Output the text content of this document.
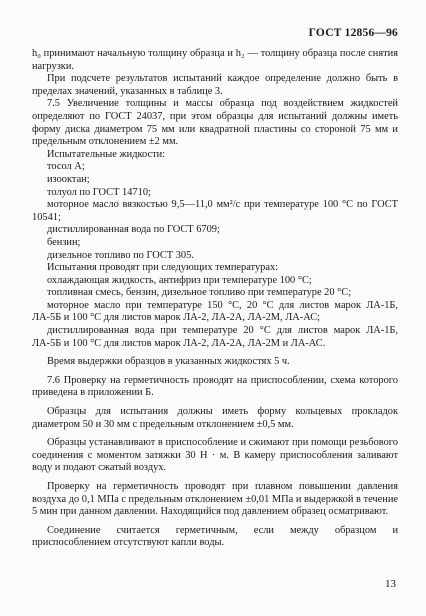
ГОСТ 12856—96

h₀ принимают начальную толщину образца и h₂ — толщину образца после снятия нагрузки.

При подсчете результатов испытаний каждое определение должно быть в пределах значений, указанных в таблице 3.

7.5 Увеличение толщины и массы образца под воздействием жидкостей определяют по ГОСТ 24037, при этом образцы для испытаний должны иметь форму диска диаметром 75 мм или квадратной пластины со стороной 75 мм и предельным отклонением ±2 мм.

Испытательные жидкости:

тосол А;

изооктан;

толуол по ГОСТ 14710;

моторное масло вязкостью 9,5—11,0 мм²/с при температуре 100 °С по ГОСТ 10541;

дистиллированная вода по ГОСТ 6709;

бензин;

дизельное топливо по ГОСТ 305.

Испытания проводят при следующих температурах:

охлаждающая жидкость, антифриз при температуре 100 °С;

топливная смесь, бензин, дизельное топливо при температуре 20 °С;

моторное масло при температуре 150 °С, 20 °С для листов марок ЛА-1Б, ЛА-5Б и 100 °С для листов марок ЛА-2, ЛА-2А, ЛА-2М, ЛА-АС;

дистиллированная вода при температуре 20 °С для листов марок ЛА-1Б, ЛА-5Б и 100 °С для листов марок ЛА-2, ЛА-2А, ЛА-2М и ЛА-АС.

Время выдержки образцов в указанных жидкостях 5 ч.

7.6 Проверку на герметичность проводят на приспособлении, схема которого приведена в приложении Б.

Образцы для испытания должны иметь форму кольцевых прокладок диаметром 50 и 30 мм с предельным отклонением ±0,5 мм.

Образцы устанавливают в приспособление и сжимают при помощи резьбового соединения с моментом затяжки 30 Н · м. В камеру приспособления заливают воду и подают сжатый воздух.

Проверку на герметичность проводят при плавном повышении давления воздуха до 0,1 МПа с предельным отклонением ±0,01 МПа и выдержкой в течение 5 мин при данном давлении. Находящийся под давлением образец осматривают.

Соединение считается герметичным, если между образцом и приспособлением отсутствуют капли воды.

13
